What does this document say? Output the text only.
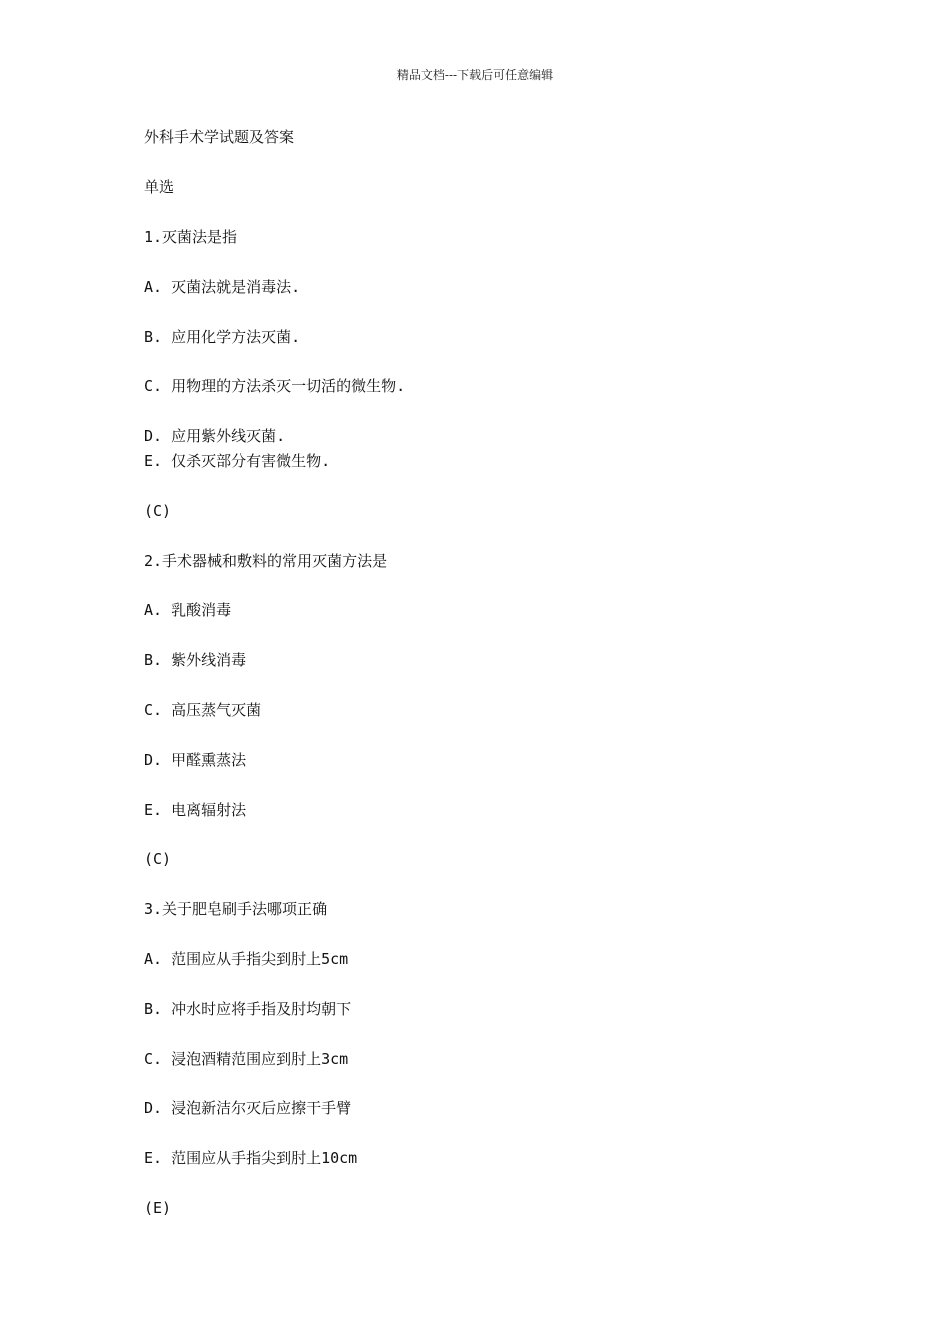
精品文档---下载后可任意编辑
外科手术学试题及答案
单选
1.灭菌法是指
A. 灭菌法就是消毒法.
B. 应用化学方法灭菌.
C. 用物理的方法杀灭一切活的微生物.
D. 应用紫外线灭菌.
E. 仅杀灭部分有害微生物.
(C)
2.手术器械和敷料的常用灭菌方法是
A. 乳酸消毒
B. 紫外线消毒
C. 高压蒸气灭菌
D. 甲醛熏蒸法
E. 电离辐射法
(C)
3.关于肥皂刷手法哪项正确
A. 范围应从手指尖到肘上5cm
B. 冲水时应将手指及肘均朝下
C. 浸泡酒精范围应到肘上3cm
D. 浸泡新洁尔灭后应擦干手臂
E. 范围应从手指尖到肘上10cm
(E)
